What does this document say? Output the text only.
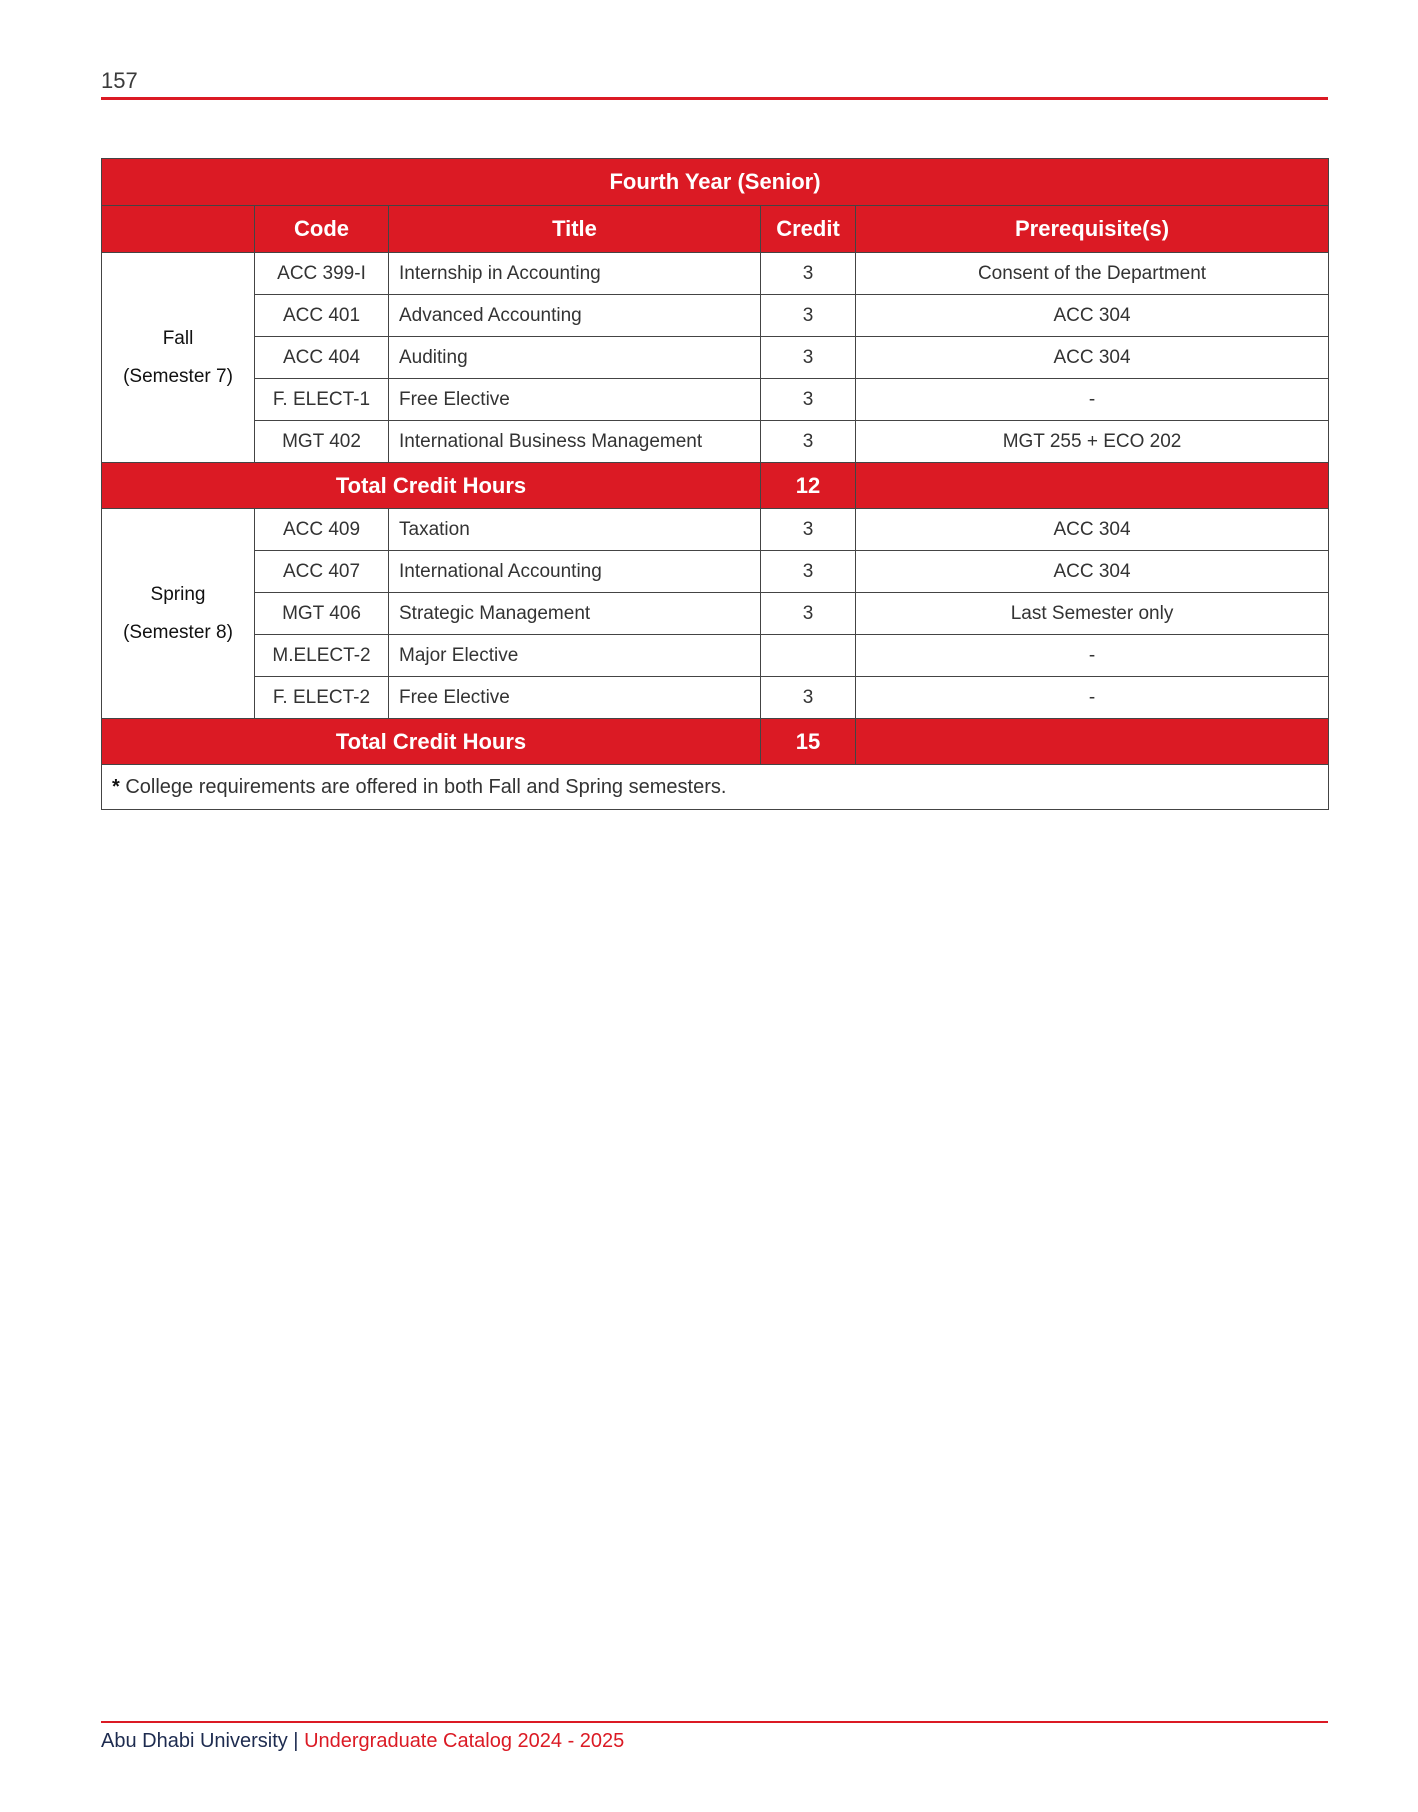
157
Fourth Year (Senior)				
	Code	Title	Credit	Prerequisite(s)

Fall
(Semester 7)	ACC 399-I	Internship in Accounting	3	Consent of the Department
	ACC 401	Advanced Accounting	3	ACC 304
	ACC 404	Auditing	3	ACC 304
	F. ELECT-1	Free Elective	3	-
	MGT 402	International Business Management	3	MGT 255 + ECO 202
Total Credit Hours			12	

Spring
(Semester 8)	ACC 409	Taxation	3	ACC 304
	ACC 407	International Accounting	3	ACC 304
	MGT 406	Strategic Management	3	Last Semester only
	M.ELECT-2	Major Elective		-
	F. ELECT-2	Free Elective	3	-
Total Credit Hours			15	
* College requirements are offered in both Fall and Spring semesters.				
Abu Dhabi University | Undergraduate Catalog 2024 - 2025
